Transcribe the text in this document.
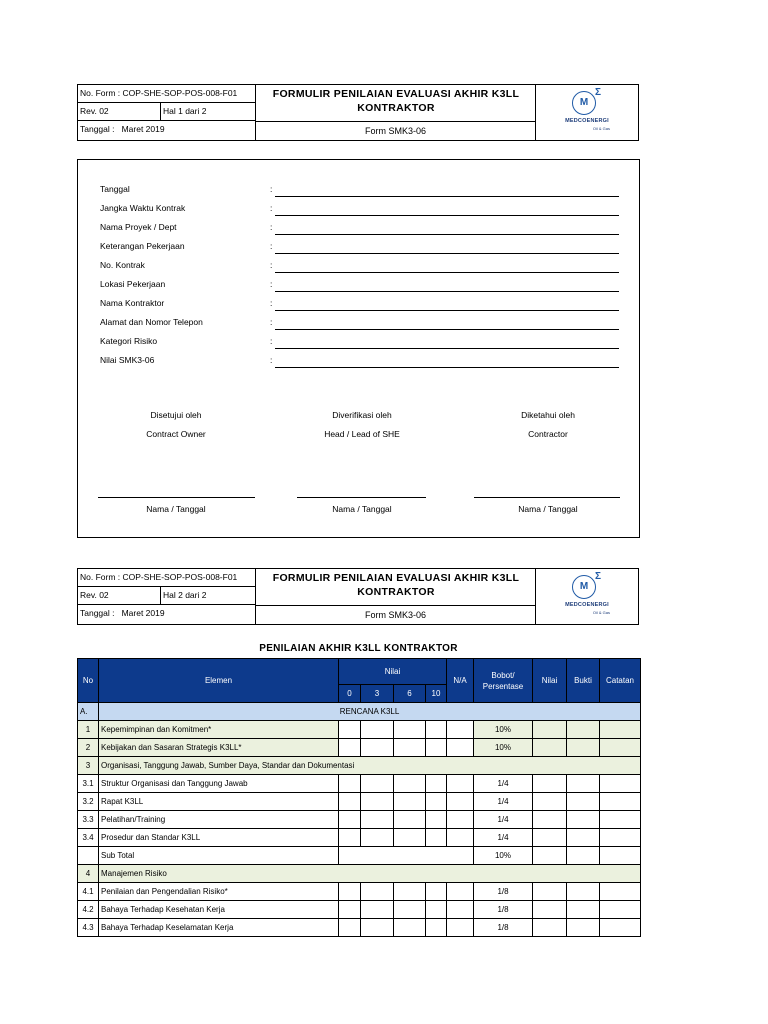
No. Form : COP-SHE-SOP-POS-008-F01
Rev. 02	Hal 1 dari 2
Tanggal : Maret 2019
FORMULIR PENILAIAN EVALUASI AKHIR K3LL
KONTRAKTOR
Form SMK3-06
M
Σ
MEDCOENERGI
Oil & Gas
Tanggal	:
Jangka Waktu Kontrak	:
Nama Proyek / Dept	:
Keterangan Pekerjaan	:
No. Kontrak	:
Lokasi Pekerjaan	:
Nama Kontraktor	:
Alamat dan Nomor Telepon	:
Kategori Risiko	:
Nilai SMK3-06	:
Disetujui oleh
Contract Owner
Nama / Tanggal
Diverifikasi oleh
Head / Lead of SHE
Nama / Tanggal
Diketahui oleh
Contractor
Nama / Tanggal
No. Form : COP-SHE-SOP-POS-008-F01
Rev. 02	Hal 2 dari 2
Tanggal : Maret 2019
FORMULIR PENILAIAN EVALUASI AKHIR K3LL
KONTRAKTOR
Form SMK3-06
M
Σ
MEDCOENERGI
Oil & Gas
PENILAIAN AKHIR K3LL KONTRAKTOR
No	Elemen	Nilai				N/A	Bobot/
Persentase	Nilai	Bukti	Catatan
		0	3	6	10					
A.	RENCANA K3LL									
1	Kepemimpinan dan Komitmen*						10%			
2	Kebijakan dan Sasaran Strategis K3LL*						10%			
3	Organisasi, Tanggung Jawab, Sumber Daya, Standar dan Dokumentasi									
3.1	Struktur Organisasi dan Tanggung Jawab						1/4			
3.2	Rapat K3LL						1/4			
3.3	Pelatihan/Training						1/4			
3.4	Prosedur dan Standar K3LL						1/4			
	Sub Total						10%			
4	Manajemen Risiko									
4.1	Penilaian dan Pengendalian Risiko*						1/8			
4.2	Bahaya Terhadap Kesehatan Kerja						1/8			
4.3	Bahaya Terhadap Keselamatan Kerja						1/8			
